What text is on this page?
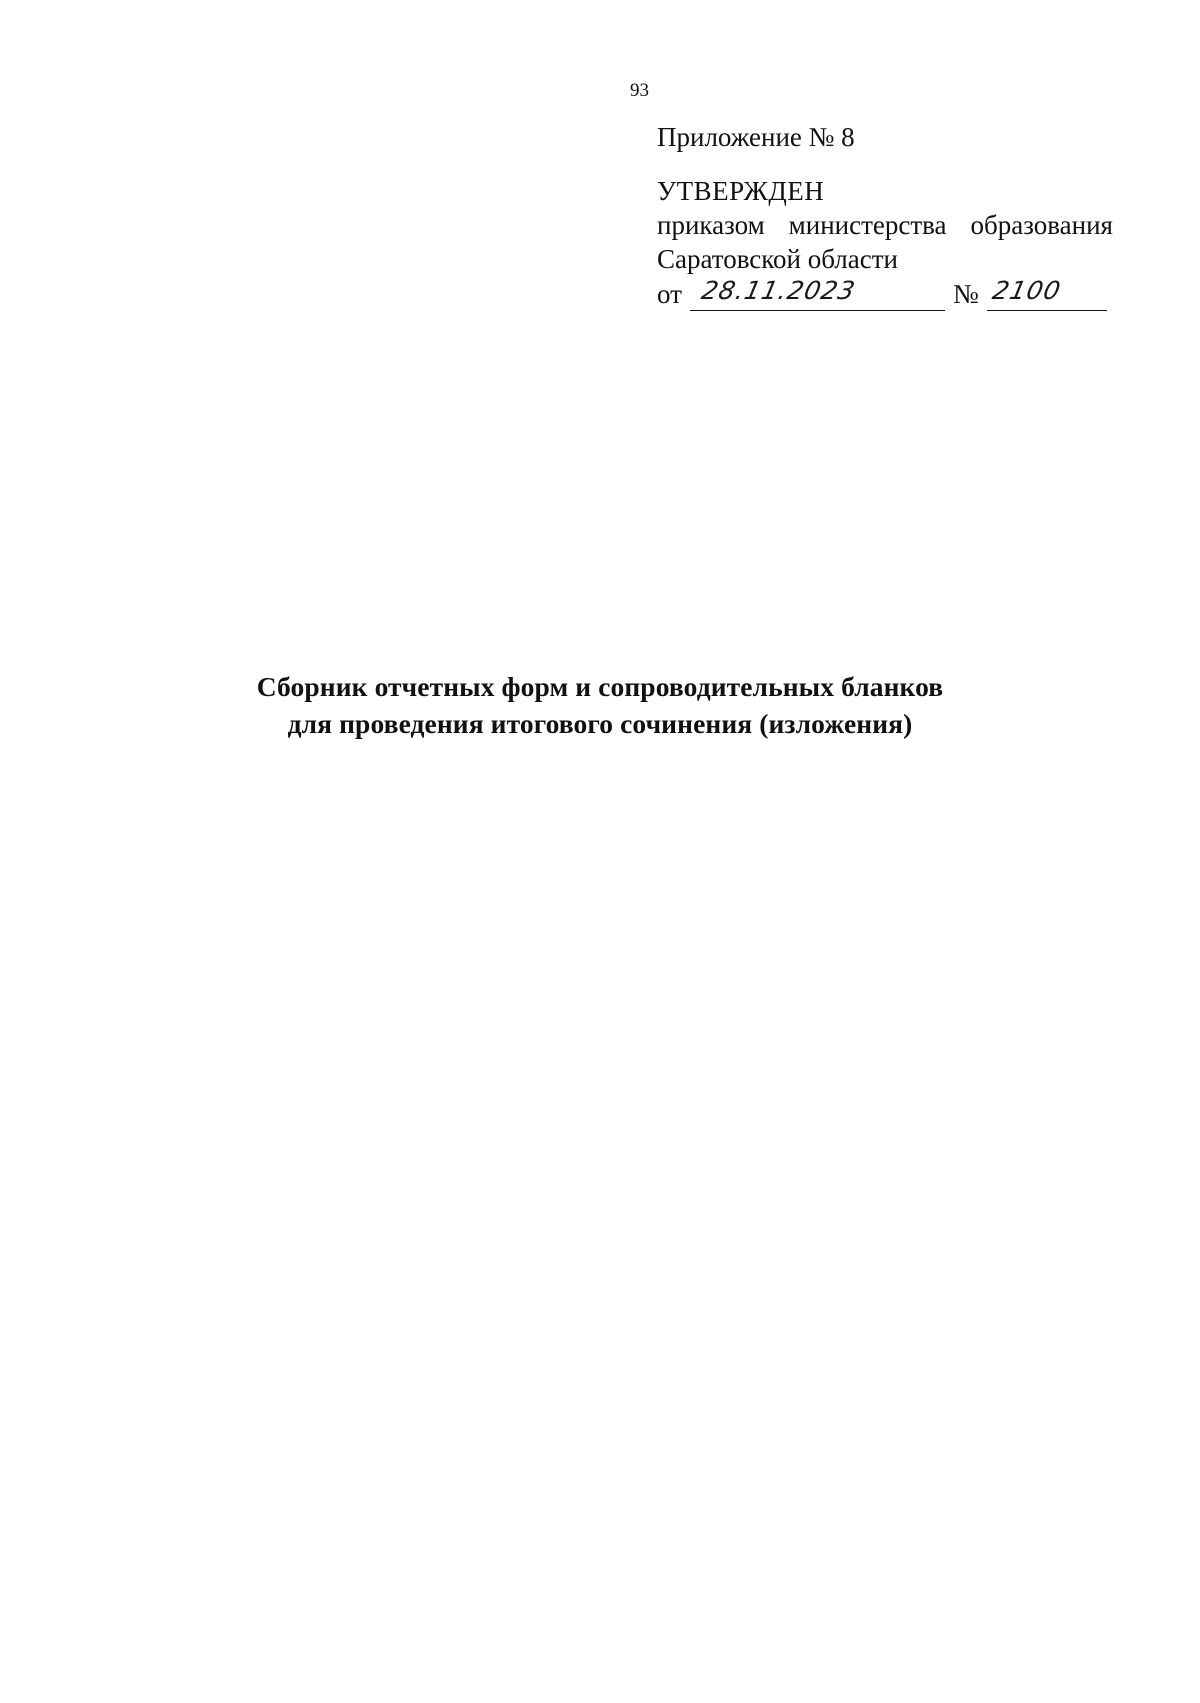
93

Приложение № 8

УТВЕРЖДЕН

приказом министерства образования

Саратовской области

от 28.11.2023	№ 2100

Сборник отчетных форм и сопроводительных бланков

для проведения итогового сочинения (изложения)
